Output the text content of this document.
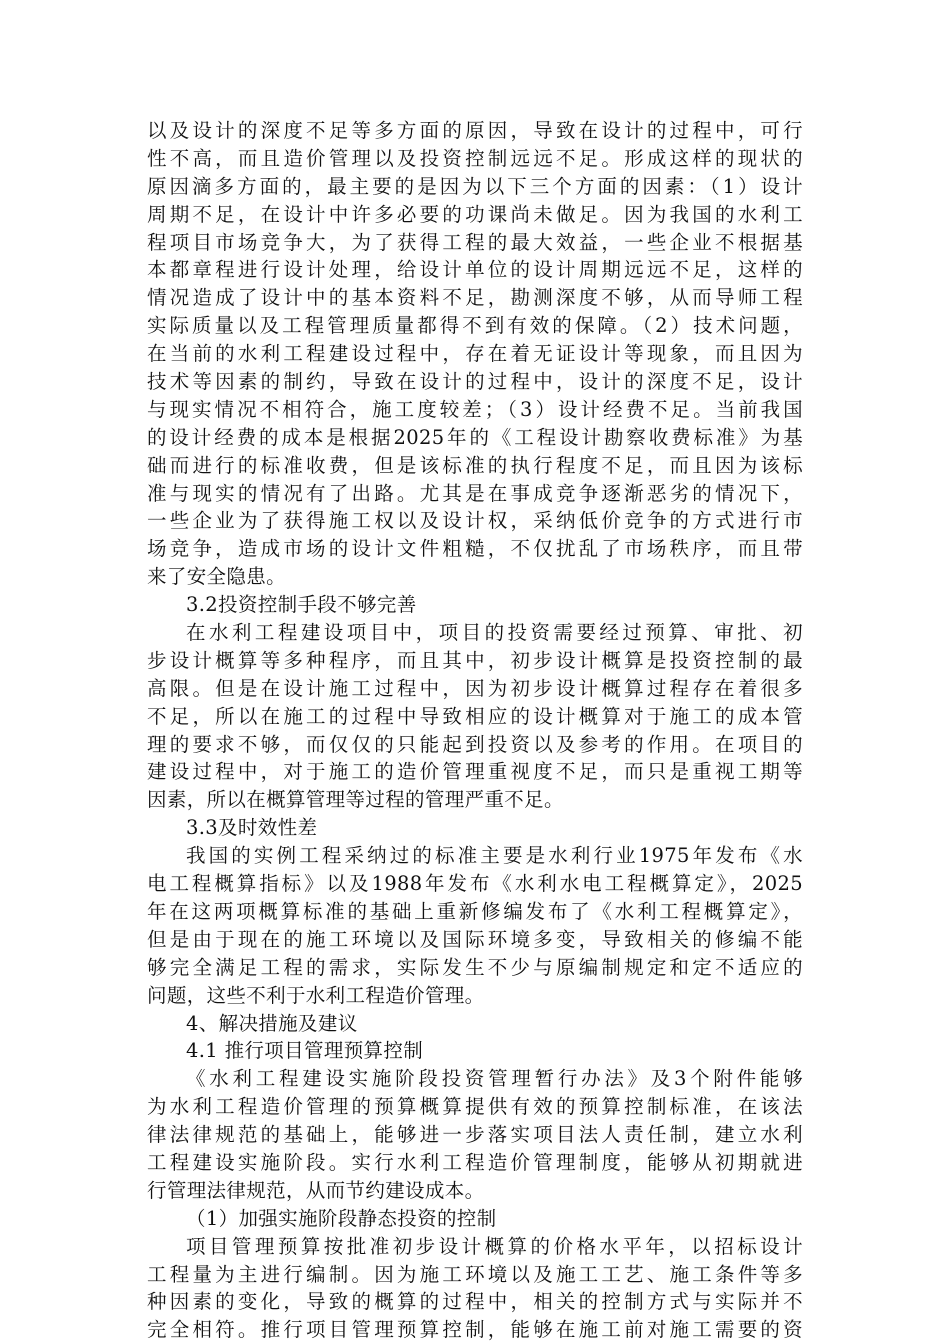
以及设计的深度不足等多方面的原因，导致在设计的过程中，可行
性不高，而且造价管理以及投资控制远远不足。形成这样的现状的
原因滴多方面的，最主要的是因为以下三个方面的因素：（1）设计
周期不足，在设计中许多必要的功课尚未做足。因为我国的水利工
程项目市场竞争大，为了获得工程的最大效益，一些企业不根据基
本都章程进行设计处理，给设计单位的设计周期远远不足，这样的
情况造成了设计中的基本资料不足，勘测深度不够，从而导师工程
实际质量以及工程管理质量都得不到有效的保障。（2）技术问题，
在当前的水利工程建设过程中，存在着无证设计等现象，而且因为
技术等因素的制约，导致在设计的过程中，设计的深度不足，设计
与现实情况不相符合，施工度较差；（3）设计经费不足。当前我国
的设计经费的成本是根据2025年的《工程设计勘察收费标准》为基
础而进行的标准收费，但是该标准的执行程度不足，而且因为该标
准与现实的情况有了出路。尤其是在事成竞争逐渐恶劣的情况下，
一些企业为了获得施工权以及设计权，采纳低价竞争的方式进行市
场竞争，造成市场的设计文件粗糙，不仅扰乱了市场秩序，而且带
来了安全隐患。
3.2投资控制手段不够完善
在水利工程建设项目中，项目的投资需要经过预算、审批、初
步设计概算等多种程序，而且其中，初步设计概算是投资控制的最
高限。但是在设计施工过程中，因为初步设计概算过程存在着很多
不足，所以在施工的过程中导致相应的设计概算对于施工的成本管
理的要求不够，而仅仅的只能起到投资以及参考的作用。在项目的
建设过程中，对于施工的造价管理重视度不足，而只是重视工期等
因素，所以在概算管理等过程的管理严重不足。
3.3及时效性差
我国的实例工程采纳过的标准主要是水利行业1975年发布《水
电工程概算指标》以及1988年发布《水利水电工程概算定》，2025
年在这两项概算标准的基础上重新修编发布了《水利工程概算定》，
但是由于现在的施工环境以及国际环境多变，导致相关的修编不能
够完全满足工程的需求，实际发生不少与原编制规定和定不适应的
问题，这些不利于水利工程造价管理。
4、解决措施及建议
4.1 推行项目管理预算控制
《水利工程建设实施阶段投资管理暂行办法》及3个附件能够
为水利工程造价管理的预算概算提供有效的预算控制标准，在该法
律法律规范的基础上，能够进一步落实项目法人责任制，建立水利
工程建设实施阶段。实行水利工程造价管理制度，能够从初期就进
行管理法律规范，从而节约建设成本。
（1）加强实施阶段静态投资的控制
项目管理预算按批准初步设计概算的价格水平年，以招标设计
工程量为主进行编制。因为施工环境以及施工工艺、施工条件等多
种因素的变化，导致的概算的过程中，相关的控制方式与实际并不
完全相符。推行项目管理预算控制，能够在施工前对施工需要的资
